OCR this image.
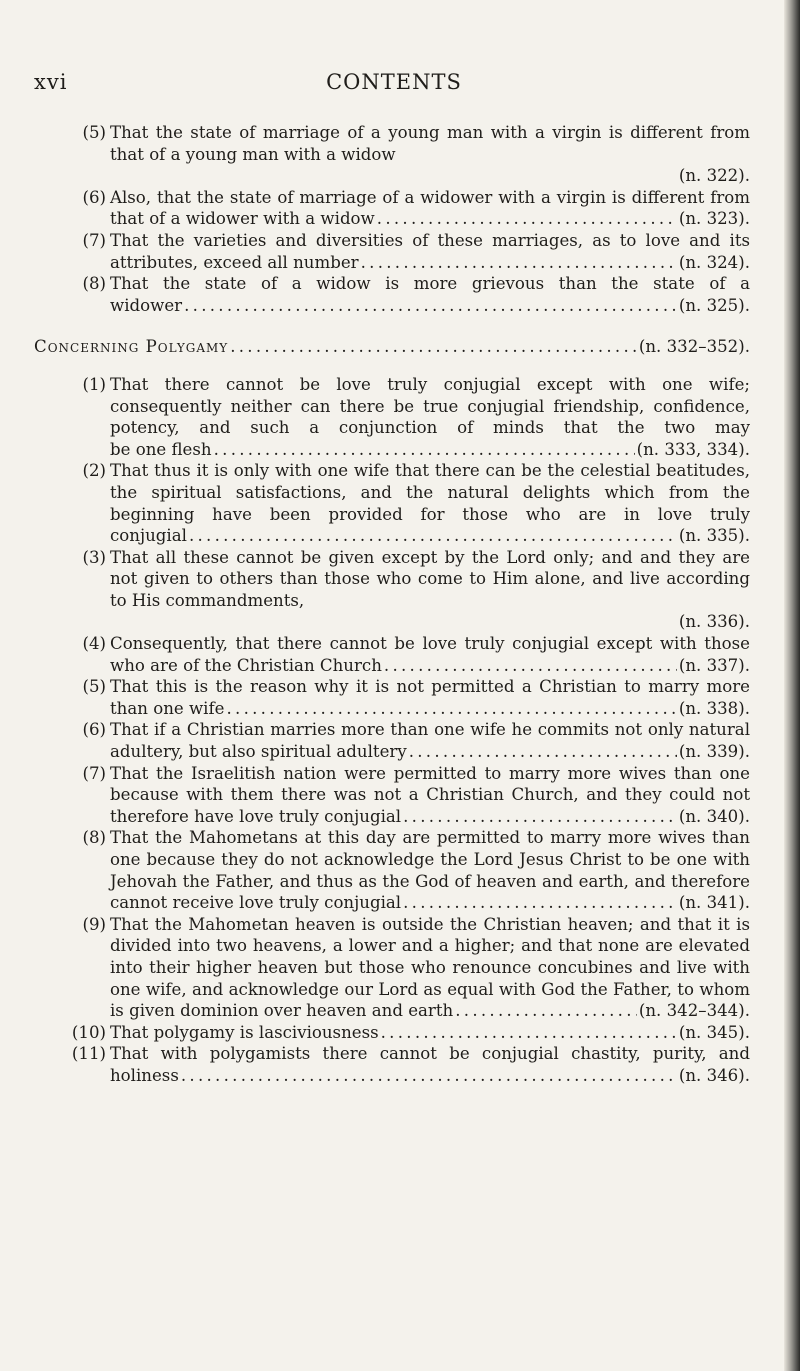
CONTENTS
xvi
(5) That the state of marriage of a young man with a virgin is different from that of a young man with a widow
(n. 322).
(6) Also, that the state of marriage of a widower with a virgin is different from
that of a widower with a widow . . .	(n. 323).
(7) That the varieties and diversities of these marriages, as to love and its
attributes, exceed all number . . .	(n. 324).
(8) That the state of a widow is more grievous than the state of a
widower . . .	(n. 325).
Concerning Polygamy . . .	(n. 332–352).
(1) That there cannot be love truly conjugial except with one wife; consequently neither can there be true conjugial friendship, confidence, potency, and such a conjunction of minds that the two may
be one flesh . . .	(n. 333, 334).
(2) That thus it is only with one wife that there can be the celestial beatitudes, the spiritual satisfactions, and the natural delights which from the beginning have been provided for those who are in love truly
conjugial . . .	(n. 335).
(3) That all these cannot be given except by the Lord only; and and they are not given to others than those who come to Him alone, and live according to His commandments,
(n. 336).
(4) Consequently, that there cannot be love truly conjugial except with those
who are of the Christian Church . . .	(n. 337).
(5) That this is the reason why it is not permitted a Christian to marry more
than one wife . . .	(n. 338).
(6) That if a Christian marries more than one wife he commits not only natural
adultery, but also spiritual adultery . . .	(n. 339).
(7) That the Israelitish nation were permitted to marry more wives than one because with them there was not a Christian Church, and they could not
therefore have love truly conjugial . . .	(n. 340).
(8) That the Mahometans at this day are permitted to marry more wives than one because they do not acknowledge the Lord Jesus Christ to be one with Jehovah the Father, and thus as the God of heaven and earth, and therefore
cannot receive love truly conjugial . . .	(n. 341).
(9) That the Mahometan heaven is outside the Christian heaven; and that it is divided into two heavens, a lower and a higher; and that none are elevated into their higher heaven but those who renounce concubines and live with one wife, and acknowledge our Lord as equal with God the Father, to whom
is given dominion over heaven and earth . . .	(n. 342–344).
(10) That polygamy is lasciviousness . . .	(n. 345).
(11) That with polygamists there cannot be conjugial chastity, purity, and
holiness . . .	(n. 346).
